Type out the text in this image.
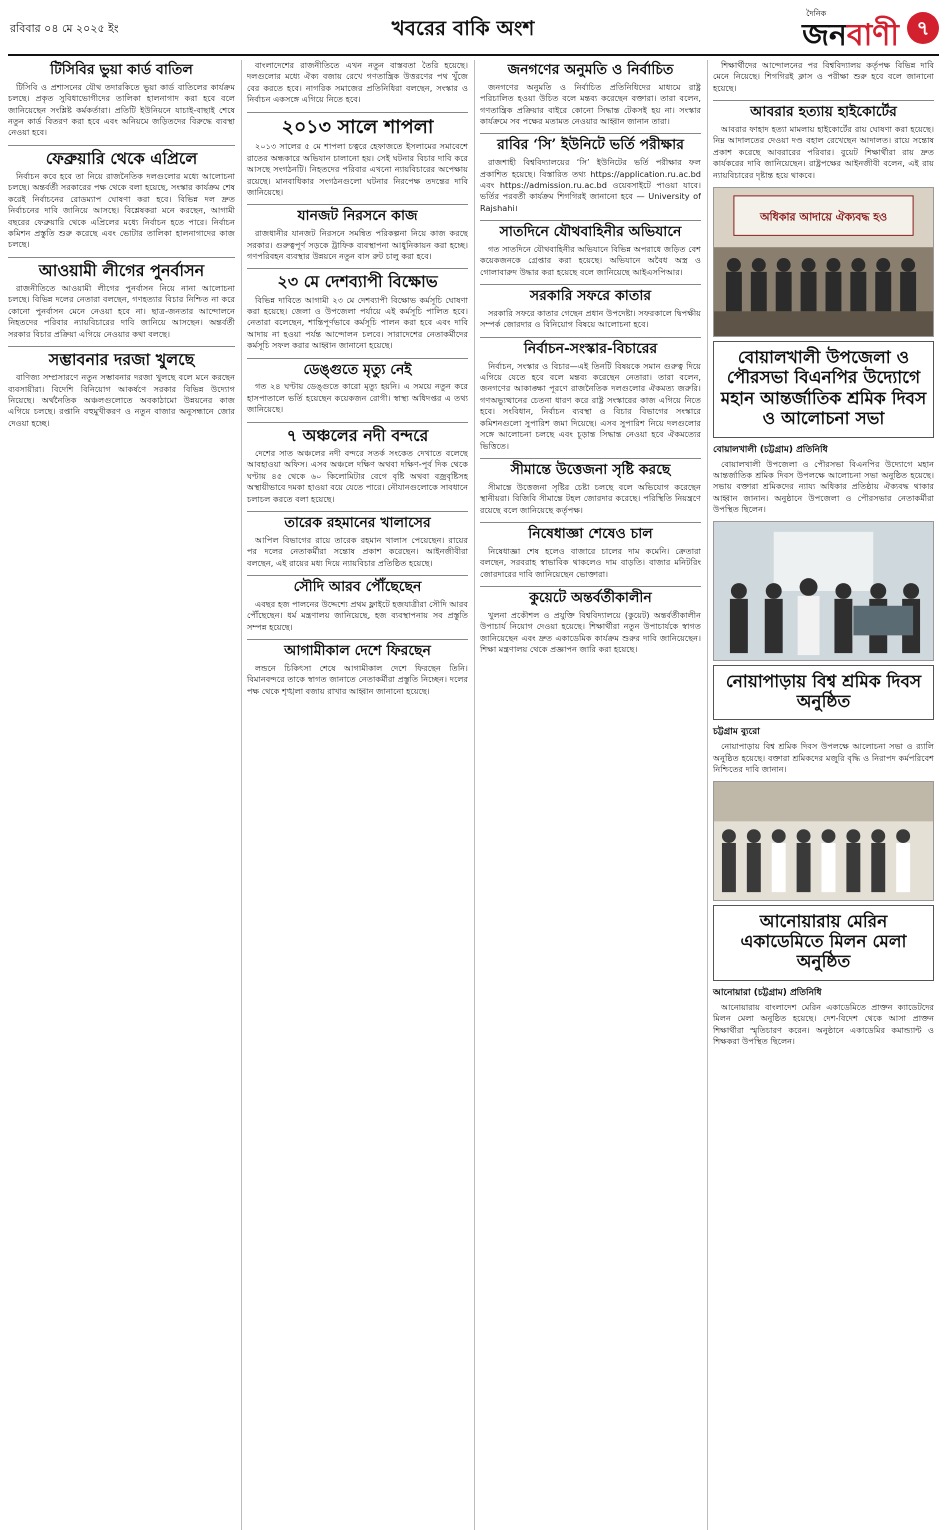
রবিবার ০৪ মে ২০২৫ ইং	খবরের বাকি অংশ
দৈনিক
জনবাণী ৭
টিসিবির ভুয়া কার্ড বাতিল

টিসিবি ও প্রশাসনের যৌথ তদারকিতে ভুয়া কার্ড বাতিলের কার্যক্রম চলছে। প্রকৃত সুবিধাভোগীদের তালিকা হালনাগাদ করা হবে বলে জানিয়েছেন সংশ্লিষ্ট কর্মকর্তারা। প্রতিটি ইউনিয়নে যাচাই-বাছাই শেষে নতুন কার্ড বিতরণ করা হবে এবং অনিয়মে জড়িতদের বিরুদ্ধে ব্যবস্থা নেওয়া হবে।

ফেব্রুয়ারি থেকে এপ্রিলে

নির্বাচন কবে হবে তা নিয়ে রাজনৈতিক দলগুলোর মধ্যে আলোচনা চলছে। অন্তর্বর্তী সরকারের পক্ষ থেকে বলা হয়েছে, সংস্কার কার্যক্রম শেষ করেই নির্বাচনের রোডম্যাপ ঘোষণা করা হবে। বিভিন্ন দল দ্রুত নির্বাচনের দাবি জানিয়ে আসছে। বিশ্লেষকরা মনে করছেন, আগামী বছরের ফেব্রুয়ারি থেকে এপ্রিলের মধ্যে নির্বাচন হতে পারে। নির্বাচন কমিশন প্রস্তুতি শুরু করেছে এবং ভোটার তালিকা হালনাগাদের কাজ চলছে।

আওয়ামী লীগের পুনর্বাসন

রাজনীতিতে আওয়ামী লীগের পুনর্বাসন নিয়ে নানা আলোচনা চলছে। বিভিন্ন দলের নেতারা বলছেন, গণহত্যার বিচার নিশ্চিত না করে কোনো পুনর্বাসন মেনে নেওয়া হবে না। ছাত্র-জনতার আন্দোলনে নিহতদের পরিবার ন্যায়বিচারের দাবি জানিয়ে আসছেন। অন্তর্বর্তী সরকার বিচার প্রক্রিয়া এগিয়ে নেওয়ার কথা বলছে।

সম্ভাবনার দরজা খুলছে

বাণিজ্য সম্প্রসারণে নতুন সম্ভাবনার দরজা খুলছে বলে মনে করছেন ব্যবসায়ীরা। বিদেশি বিনিয়োগ আকর্ষণে সরকার বিভিন্ন উদ্যোগ নিয়েছে। অর্থনৈতিক অঞ্চলগুলোতে অবকাঠামো উন্নয়নের কাজ এগিয়ে চলছে। রপ্তানি বহুমুখীকরণ ও নতুন বাজার অনুসন্ধানে জোর দেওয়া হচ্ছে।

বাংলাদেশের রাজনীতিতে এখন নতুন বাস্তবতা তৈরি হয়েছে। দলগুলোর মধ্যে ঐক্য বজায় রেখে গণতান্ত্রিক উত্তরণের পথ খুঁজে বের করতে হবে। নাগরিক সমাজের প্রতিনিধিরা বলছেন, সংস্কার ও নির্বাচন একসঙ্গে এগিয়ে নিতে হবে।

২০১৩ সালে শাপলা

২০১৩ সালের ৫ মে শাপলা চত্বরে হেফাজতে ইসলামের সমাবেশে রাতের অন্ধকারে অভিযান চালানো হয়। সেই ঘটনার বিচার দাবি করে আসছে সংগঠনটি। নিহতদের পরিবার এখনো ন্যায়বিচারের অপেক্ষায় রয়েছে। মানবাধিকার সংগঠনগুলো ঘটনার নিরপেক্ষ তদন্তের দাবি জানিয়েছে।

যানজট নিরসনে কাজ

রাজধানীর যানজট নিরসনে সমন্বিত পরিকল্পনা নিয়ে কাজ করছে সরকার। গুরুত্বপূর্ণ সড়কে ট্রাফিক ব্যবস্থাপনা আধুনিকায়ন করা হচ্ছে। গণপরিবহন ব্যবস্থার উন্নয়নে নতুন বাস রুট চালু করা হবে।

২৩ মে দেশব্যাপী বিক্ষোভ

বিভিন্ন দাবিতে আগামী ২৩ মে দেশব্যাপী বিক্ষোভ কর্মসূচি ঘোষণা করা হয়েছে। জেলা ও উপজেলা পর্যায়ে এই কর্মসূচি পালিত হবে। নেতারা বলেছেন, শান্তিপূর্ণভাবে কর্মসূচি পালন করা হবে এবং দাবি আদায় না হওয়া পর্যন্ত আন্দোলন চলবে। সারাদেশের নেতাকর্মীদের কর্মসূচি সফল করার আহ্বান জানানো হয়েছে।

ডেঙ্গুতে মৃত্যু নেই

গত ২৪ ঘণ্টায় ডেঙ্গুতে কারো মৃত্যু হয়নি। এ সময়ে নতুন করে হাসপাতালে ভর্তি হয়েছেন কয়েকজন রোগী। স্বাস্থ্য অধিদপ্তর এ তথ্য জানিয়েছে।

৭ অঞ্চলের নদী বন্দরে

দেশের সাত অঞ্চলের নদী বন্দরে সতর্ক সংকেত দেখাতে বলেছে আবহাওয়া অফিস। এসব অঞ্চলে দক্ষিণ অথবা দক্ষিণ-পূর্ব দিক থেকে ঘণ্টায় ৪৫ থেকে ৬০ কিলোমিটার বেগে বৃষ্টি অথবা বজ্রবৃষ্টিসহ অস্থায়ীভাবে দমকা হাওয়া বয়ে যেতে পারে। নৌযানগুলোকে সাবধানে চলাচল করতে বলা হয়েছে।

তারেক রহমানের খালাসের

আপিল বিভাগের রায়ে তারেক রহমান খালাস পেয়েছেন। রায়ের পর দলের নেতাকর্মীরা সন্তোষ প্রকাশ করেছেন। আইনজীবীরা বলছেন, এই রায়ের মধ্য দিয়ে ন্যায়বিচার প্রতিষ্ঠিত হয়েছে।

সৌদি আরব পৌঁছেছেন

এবছর হজ পালনের উদ্দেশ্যে প্রথম ফ্লাইটে হজযাত্রীরা সৌদি আরব পৌঁছেছেন। ধর্ম মন্ত্রণালয় জানিয়েছে, হজ ব্যবস্থাপনায় সব প্রস্তুতি সম্পন্ন হয়েছে।

আগামীকাল দেশে ফিরছেন

লন্ডনে চিকিৎসা শেষে আগামীকাল দেশে ফিরছেন তিনি। বিমানবন্দরে তাকে স্বাগত জানাতে নেতাকর্মীরা প্রস্তুতি নিচ্ছেন। দলের পক্ষ থেকে শৃঙ্খলা বজায় রাখার আহ্বান জানানো হয়েছে।

জনগণের অনুমতি ও নির্বাচিত

জনগণের অনুমতি ও নির্বাচিত প্রতিনিধিদের মাধ্যমে রাষ্ট্র পরিচালিত হওয়া উচিত বলে মন্তব্য করেছেন বক্তারা। তারা বলেন, গণতান্ত্রিক প্রক্রিয়ার বাইরে কোনো সিদ্ধান্ত টেকসই হয় না। সংস্কার কার্যক্রমে সব পক্ষের মতামত নেওয়ার আহ্বান জানান তারা।

রাবির ‘সি’ ইউনিটে ভর্তি পরীক্ষার

রাজশাহী বিশ্ববিদ্যালয়ের ‘সি’ ইউনিটের ভর্তি পরীক্ষার ফল প্রকাশিত হয়েছে। বিস্তারিত তথ্য https://application.ru.ac.bd এবং https://admission.ru.ac.bd ওয়েবসাইটে পাওয়া যাবে। ভর্তির পরবর্তী কার্যক্রম শিগগিরই জানানো হবে — University of Rajshahi।

সাতদিনে যৌথবাহিনীর অভিযানে

গত সাতদিনে যৌথবাহিনীর অভিযানে বিভিন্ন অপরাধে জড়িত বেশ কয়েকজনকে গ্রেপ্তার করা হয়েছে। অভিযানে অবৈধ অস্ত্র ও গোলাবারুদ উদ্ধার করা হয়েছে বলে জানিয়েছে আইএসপিআর।

সরকারি সফরে কাতার

সরকারি সফরে কাতার গেছেন প্রধান উপদেষ্টা। সফরকালে দ্বিপক্ষীয় সম্পর্ক জোরদার ও বিনিয়োগ বিষয়ে আলোচনা হবে।

নির্বাচন-সংস্কার-বিচারের

নির্বাচন, সংস্কার ও বিচার—এই তিনটি বিষয়কে সমান গুরুত্ব দিয়ে এগিয়ে যেতে হবে বলে মন্তব্য করেছেন নেতারা। তারা বলেন, জনগণের আকাঙ্ক্ষা পূরণে রাজনৈতিক দলগুলোর ঐকমত্য জরুরি। গণঅভ্যুত্থানের চেতনা ধারণ করে রাষ্ট্র সংস্কারের কাজ এগিয়ে নিতে হবে। সংবিধান, নির্বাচন ব্যবস্থা ও বিচার বিভাগের সংস্কারে কমিশনগুলো সুপারিশ জমা দিয়েছে। এসব সুপারিশ নিয়ে দলগুলোর সঙ্গে আলোচনা চলছে এবং চূড়ান্ত সিদ্ধান্ত নেওয়া হবে ঐকমত্যের ভিত্তিতে।

সীমান্তে উত্তেজনা সৃষ্টি করছে

সীমান্তে উত্তেজনা সৃষ্টির চেষ্টা চলছে বলে অভিযোগ করেছেন স্থানীয়রা। বিজিবি সীমান্তে টহল জোরদার করেছে। পরিস্থিতি নিয়ন্ত্রণে রয়েছে বলে জানিয়েছে কর্তৃপক্ষ।

নিষেধাজ্ঞা শেষেও চাল

নিষেধাজ্ঞা শেষ হলেও বাজারে চালের দাম কমেনি। ক্রেতারা বলছেন, সরবরাহ স্বাভাবিক থাকলেও দাম বাড়তি। বাজার মনিটরিং জোরদারের দাবি জানিয়েছেন ভোক্তারা।

কুয়েটে অন্তর্বর্তীকালীন

খুলনা প্রকৌশল ও প্রযুক্তি বিশ্ববিদ্যালয়ে (কুয়েট) অন্তর্বর্তীকালীন উপাচার্য নিয়োগ দেওয়া হয়েছে। শিক্ষার্থীরা নতুন উপাচার্যকে স্বাগত জানিয়েছেন এবং দ্রুত একাডেমিক কার্যক্রম শুরুর দাবি জানিয়েছেন। শিক্ষা মন্ত্রণালয় থেকে প্রজ্ঞাপন জারি করা হয়েছে।

শিক্ষার্থীদের আন্দোলনের পর বিশ্ববিদ্যালয় কর্তৃপক্ষ বিভিন্ন দাবি মেনে নিয়েছে। শিগগিরই ক্লাস ও পরীক্ষা শুরু হবে বলে জানানো হয়েছে।

আবরার হত্যায় হাইকোর্টের

আবরার ফাহাদ হত্যা মামলায় হাইকোর্টের রায় ঘোষণা করা হয়েছে। নিম্ন আদালতের দেওয়া দণ্ড বহাল রেখেছেন আদালত। রায়ে সন্তোষ প্রকাশ করেছে আবরারের পরিবার। বুয়েট শিক্ষার্থীরা রায় দ্রুত কার্যকরের দাবি জানিয়েছেন। রাষ্ট্রপক্ষের আইনজীবী বলেন, এই রায় ন্যায়বিচারের দৃষ্টান্ত হয়ে থাকবে।

অধিকার আদায়ে ঐক্যবদ্ধ হও
বোয়ালখালী উপজেলা ও পৌরসভা বিএনপির উদ্যোগে মহান আন্তর্জাতিক শ্রমিক দিবস ও আলোচনা সভা
বোয়ালখালী (চট্টগ্রাম) প্রতিনিধি

বোয়ালখালী উপজেলা ও পৌরসভা বিএনপির উদ্যোগে মহান আন্তর্জাতিক শ্রমিক দিবস উপলক্ষে আলোচনা সভা অনুষ্ঠিত হয়েছে। সভায় বক্তারা শ্রমিকদের ন্যায্য অধিকার প্রতিষ্ঠায় ঐক্যবদ্ধ থাকার আহ্বান জানান। অনুষ্ঠানে উপজেলা ও পৌরসভার নেতাকর্মীরা উপস্থিত ছিলেন।

নোয়াপাড়ায় বিশ্ব শ্রমিক দিবস অনুষ্ঠিত
চট্টগ্রাম ব্যুরো

নোয়াপাড়ায় বিশ্ব শ্রমিক দিবস উপলক্ষে আলোচনা সভা ও র‍্যালি অনুষ্ঠিত হয়েছে। বক্তারা শ্রমিকদের মজুরি বৃদ্ধি ও নিরাপদ কর্মপরিবেশ নিশ্চিতের দাবি জানান।

আনোয়ারায় মেরিন একাডেমিতে মিলন মেলা অনুষ্ঠিত
আনোয়ারা (চট্টগ্রাম) প্রতিনিধি

আনোয়ারায় বাংলাদেশ মেরিন একাডেমিতে প্রাক্তন ক্যাডেটদের মিলন মেলা অনুষ্ঠিত হয়েছে। দেশ-বিদেশ থেকে আসা প্রাক্তন শিক্ষার্থীরা স্মৃতিচারণ করেন। অনুষ্ঠানে একাডেমির কমান্ড্যান্ট ও শিক্ষকরা উপস্থিত ছিলেন।
